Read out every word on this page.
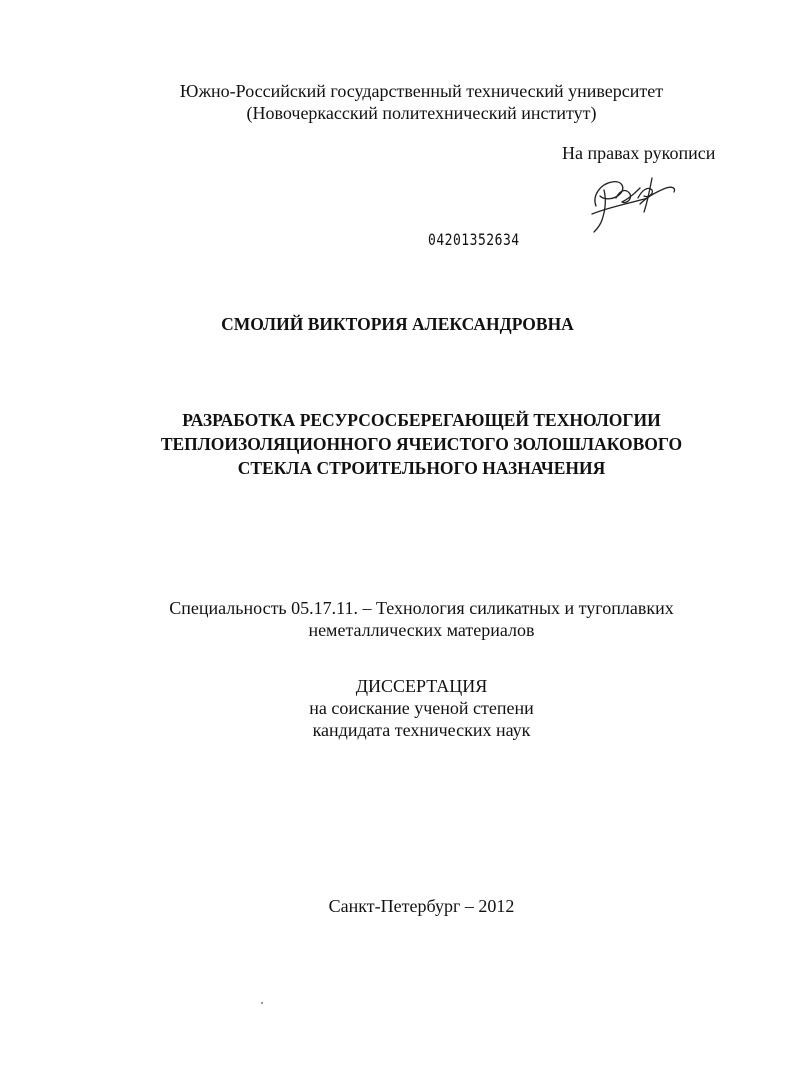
Южно-Российский государственный технический университет
(Новочеркасский политехнический институт)
На правах рукописи
04201352634
СМОЛИЙ ВИКТОРИЯ АЛЕКСАНДРОВНА
РАЗРАБОТКА РЕСУРСОСБЕРЕГАЮЩЕЙ ТЕХНОЛОГИИ
ТЕПЛОИЗОЛЯЦИОННОГО ЯЧЕИСТОГО ЗОЛОШЛАКОВОГО
СТЕКЛА СТРОИТЕЛЬНОГО НАЗНАЧЕНИЯ
Специальность 05.17.11. – Технология силикатных и тугоплавких
неметаллических материалов
ДИССЕРТАЦИЯ
на соискание ученой степени
кандидата технических наук
Санкт-Петербург – 2012
